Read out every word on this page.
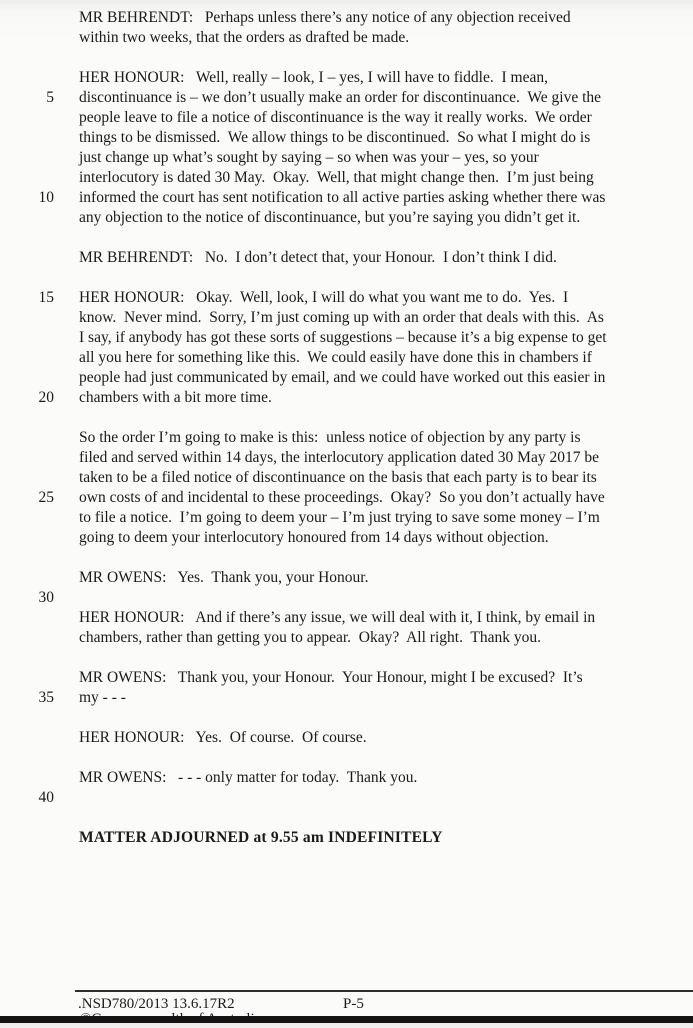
MR BEHRENDT:   Perhaps unless there’s any notice of any objection received
within two weeks, that the orders as drafted be made.
HER HONOUR:   Well, really – look, I – yes, I will have to fiddle.  I mean,
5 discontinuance is – we don’t usually make an order for discontinuance.  We give the
people leave to file a notice of discontinuance is the way it really works.  We order
things to be dismissed.  We allow things to be discontinued.  So what I might do is
just change up what’s sought by saying – so when was your – yes, so your
interlocutory is dated 30 May.  Okay.  Well, that might change then.  I’m just being
10 informed the court has sent notification to all active parties asking whether there was
any objection to the notice of discontinuance, but you’re saying you didn’t get it.
MR BEHRENDT:   No.  I don’t detect that, your Honour.  I don’t think I did.
15 HER HONOUR:   Okay.  Well, look, I will do what you want me to do.  Yes.  I
know.  Never mind.  Sorry, I’m just coming up with an order that deals with this.  As
I say, if anybody has got these sorts of suggestions – because it’s a big expense to get
all you here for something like this.  We could easily have done this in chambers if
people had just communicated by email, and we could have worked out this easier in
20 chambers with a bit more time.
So the order I’m going to make is this:  unless notice of objection by any party is
filed and served within 14 days, the interlocutory application dated 30 May 2017 be
taken to be a filed notice of discontinuance on the basis that each party is to bear its
25 own costs of and incidental to these proceedings.  Okay?  So you don’t actually have
to file a notice.  I’m going to deem your – I’m just trying to save some money – I’m
going to deem your interlocutory honoured from 14 days without objection.
MR OWENS:   Yes.  Thank you, your Honour.
30
HER HONOUR:   And if there’s any issue, we will deal with it, I think, by email in
chambers, rather than getting you to appear.  Okay?  All right.  Thank you.
MR OWENS:   Thank you, your Honour.  Your Honour, might I be excused?  It’s
35 my - - -
HER HONOUR:   Yes.  Of course.  Of course.
MR OWENS:   - - - only matter for today.  Thank you.
40
MATTER ADJOURNED at 9.55 am INDEFINITELY
.NSD780/2013 13.6.17R2	P-5
